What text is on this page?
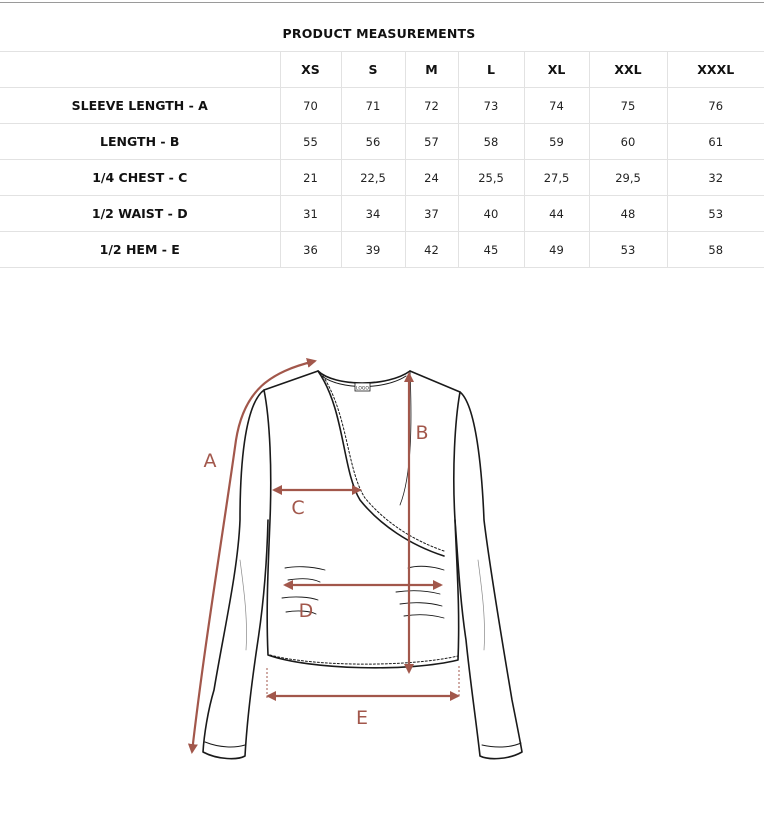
PRODUCT MEASUREMENTS
	XS	S	M	L	XL	XXL	XXXL
SLEEVE LENGTH - A	70	71	72	73	74	75	76
LENGTH - B	55	56	57	58	59	60	61
1/4 CHEST - C	21	22,5	24	25,5	27,5	29,5	32
1/2 WAIST - D	31	34	37	40	44	48	53
1/2 HEM - E	36	39	42	45	49	53	58
LOGO
A
B
C
D
E
